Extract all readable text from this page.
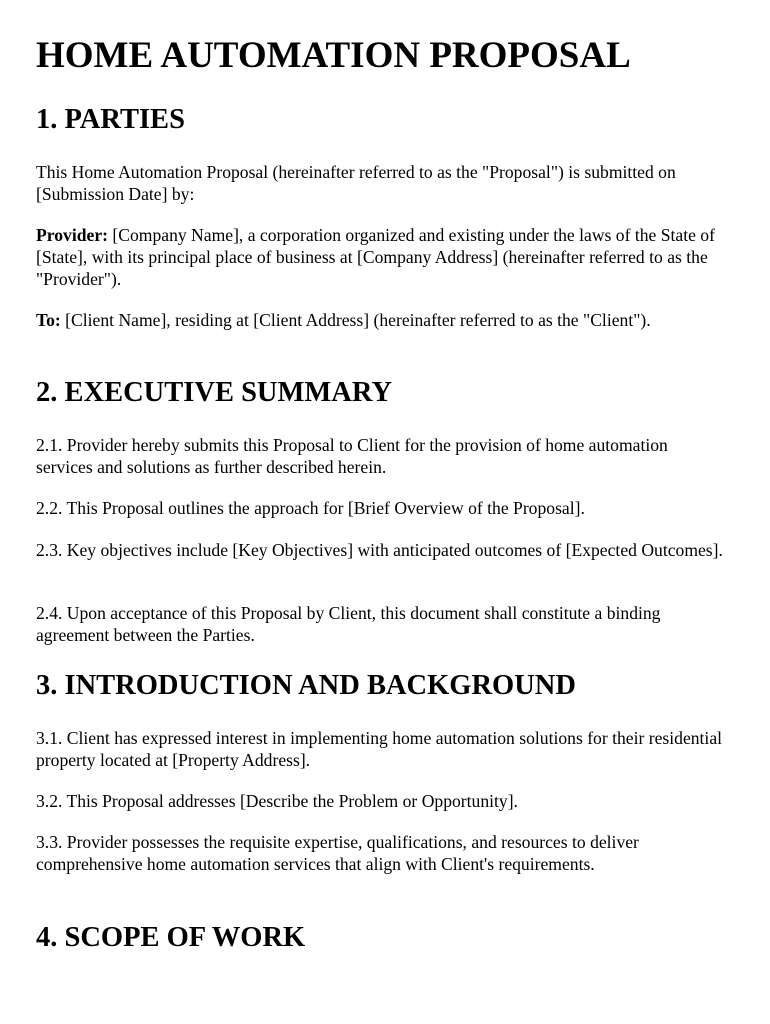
HOME AUTOMATION PROPOSAL
1. PARTIES

This Home Automation Proposal (hereinafter referred to as the "Proposal") is submitted on [Submission Date] by:

Provider: [Company Name], a corporation organized and existing under the laws of the State of [State], with its principal place of business at [Company Address] (hereinafter referred to as the "Provider").

To: [Client Name], residing at [Client Address] (hereinafter referred to as the "Client").

2. EXECUTIVE SUMMARY

2.1. Provider hereby submits this Proposal to Client for the provision of home automation services and solutions as further described herein.

2.2. This Proposal outlines the approach for [Brief Overview of the Proposal].

2.3. Key objectives include [Key Objectives] with anticipated outcomes of [Expected Outcomes].

2.4. Upon acceptance of this Proposal by Client, this document shall constitute a binding agreement between the Parties.

3. INTRODUCTION AND BACKGROUND

3.1. Client has expressed interest in implementing home automation solutions for their residential property located at [Property Address].

3.2. This Proposal addresses [Describe the Problem or Opportunity].

3.3. Provider possesses the requisite expertise, qualifications, and resources to deliver comprehensive home automation services that align with Client's requirements.

4. SCOPE OF WORK
